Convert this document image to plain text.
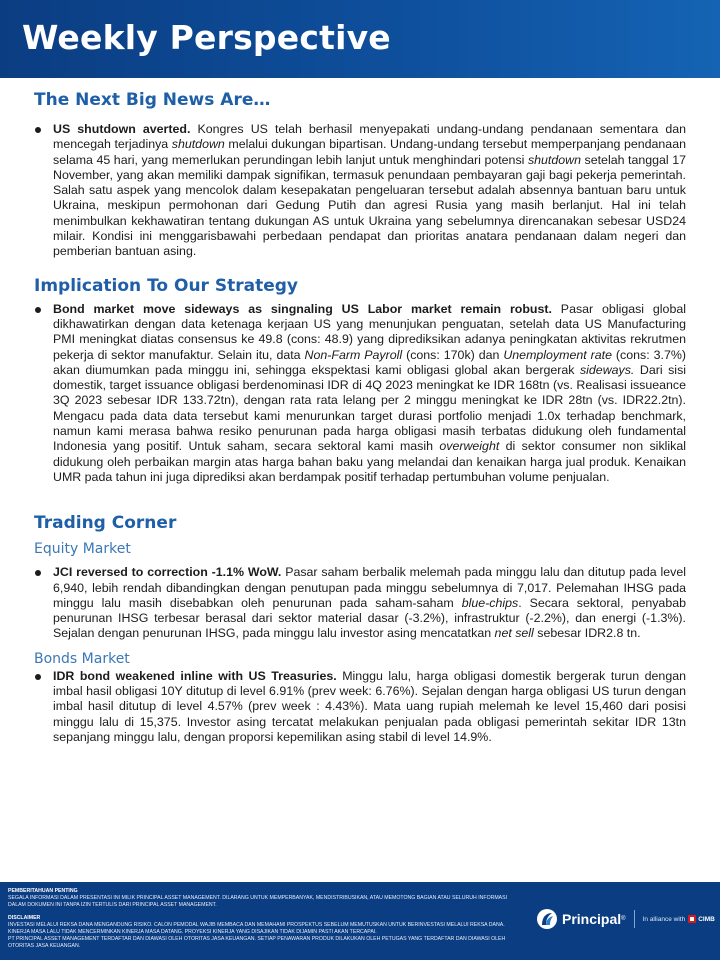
Weekly Perspective
The Next Big News Are…

US shutdown averted. Kongres US telah berhasil menyepakati undang-undang pendanaan sementara dan mencegah terjadinya shutdown melalui dukungan bipartisan. Undang-undang tersebut memperpanjang pendanaan selama 45 hari, yang memerlukan perundingan lebih lanjut untuk menghindari potensi shutdown setelah tanggal 17 November, yang akan memiliki dampak signifikan, termasuk penundaan pembayaran gaji bagi pekerja pemerintah. Salah satu aspek yang mencolok dalam kesepakatan pengeluaran tersebut adalah absennya bantuan baru untuk Ukraina, meskipun permohonan dari Gedung Putih dan agresi Rusia yang masih berlanjut. Hal ini telah menimbulkan kekhawatiran tentang dukungan AS untuk Ukraina yang sebelumnya direncanakan sebesar USD24 milair. Kondisi ini menggarisbawahi perbedaan pendapat dan prioritas anatara pendanaan dalam negeri dan pemberian bantuan asing.

Implication To Our Strategy

Bond market move sideways as singnaling US Labor market remain robust. Pasar obligasi global dikhawatirkan dengan data ketenaga kerjaan US yang menunjukan penguatan, setelah data US Manufacturing PMI meningkat diatas consensus ke 49.8 (cons: 48.9) yang diprediksikan adanya peningkatan aktivitas rekrutmen pekerja di sektor manufaktur. Selain itu, data Non-Farm Payroll (cons: 170k) dan Unemployment rate (cons: 3.7%) akan diumumkan pada minggu ini, sehingga ekspektasi kami obligasi global akan bergerak sideways. Dari sisi domestik, target issuance obligasi berdenominasi IDR di 4Q 2023 meningkat ke IDR 168tn (vs. Realisasi issueance 3Q 2023 sebesar IDR 133.72tn), dengan rata rata lelang per 2 minggu meningkat ke IDR 28tn (vs. IDR22.2tn). Mengacu pada data data tersebut kami menurunkan target durasi portfolio menjadi 1.0x terhadap benchmark, namun kami merasa bahwa resiko penurunan pada harga obligasi masih terbatas didukung oleh fundamental Indonesia yang positif. Untuk saham, secara sektoral kami masih overweight di sektor consumer non siklikal didukung oleh perbaikan margin atas harga bahan baku yang melandai dan kenaikan harga jual produk. Kenaikan UMR pada tahun ini juga diprediksi akan berdampak positif terhadap pertumbuhan volume penjualan.

Trading Corner
Equity Market

JCI reversed to correction -1.1% WoW. Pasar saham berbalik melemah pada minggu lalu dan ditutup pada level 6,940, lebih rendah dibandingkan dengan penutupan pada minggu sebelumnya di 7,017. Pelemahan IHSG pada minggu lalu masih disebabkan oleh penurunan pada saham-saham blue-chips. Secara sektoral, penyabab penurunan IHSG terbesar berasal dari sektor material dasar (-3.2%), infrastruktur (-2.2%), dan energi (-1.3%). Sejalan dengan penurunan IHSG, pada minggu lalu investor asing mencatatkan net sell sebesar IDR2.8 tn.

Bonds Market

IDR bond weakened inline with US Treasuries. Minggu lalu, harga obligasi domestik bergerak turun dengan imbal hasil obligasi 10Y ditutup di level 6.91% (prev week: 6.76%). Sejalan dengan harga obligasi US turun dengan imbal hasil ditutup di level 4.57% (prev week : 4.43%). Mata uang rupiah melemah ke level 15,460 dari posisi minggu lalu di 15,375. Investor asing tercatat melakukan penjualan pada obligasi pemerintah sekitar IDR 13tn sepanjang minggu lalu, dengan proporsi kepemilikan asing stabil di level 14.9%.

PEMBERITAHUAN PENTING
SEGALA INFORMASI DALAM PRESENTASI INI MILIK PRINCIPAL ASSET MANAGEMENT. DILARANG UNTUK MEMPERBANYAK, MENDISTRIBUSIKAN, ATAU MEMOTONG BAGIAN ATAU SELURUH INFORMASI DALAM DOKUMEN INI TANPA IZIN TERTULIS DARI PRINCIPAL ASSET MANAGEMENT.
DISCLAIMER
INVESTASI MELALUI REKSA DANA MENGANDUNG RISIKO. CALON PEMODAL WAJIB MEMBACA DAN MEMAHAMI PROSPEKTUS SEBELUM MEMUTUSKAN UNTUK BERINVESTASI MELALUI REKSA DANA. KINERJA MASA LALU TIDAK MENCERMINKAN KINERJA MASA DATANG. PROYEKSI KINERJA YANG DISAJIKAN TIDAK DIJAMIN PASTI AKAN TERCAPAI.
PT PRINCIPAL ASSET MANAGEMENT TERDAFTAR DAN DIAWASI OLEH OTORITAS JASA KEUANGAN. SETIAP PENAWARAN PRODUK DILAKUKAN OLEH PETUGAS YANG TERDAFTAR DAN DIAWASI OLEH OTORITAS JASA KEUANGAN.
Principal ®	In alliance with CIMB
